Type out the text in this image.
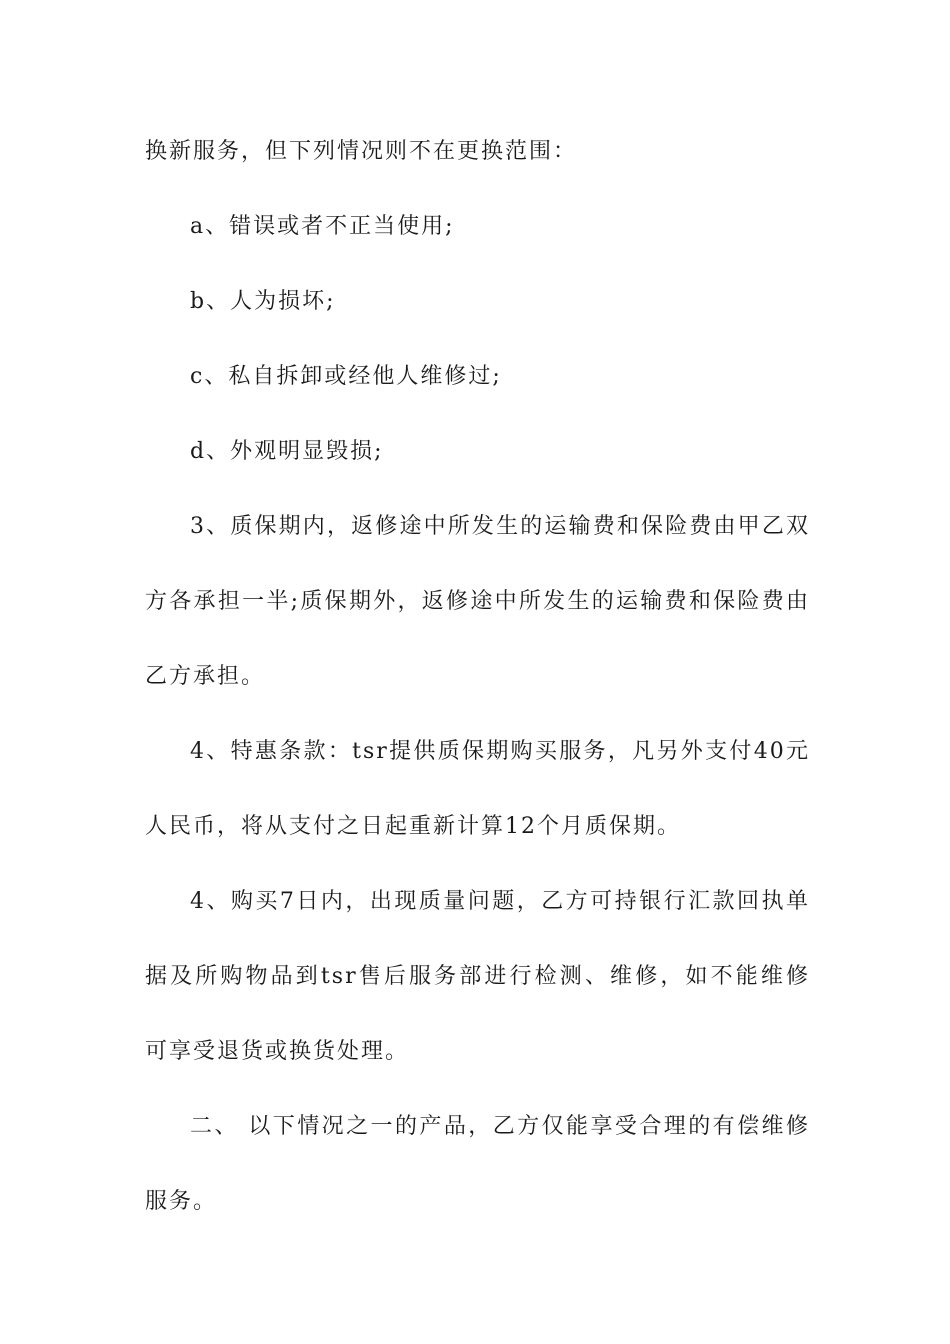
换新服务，但下列情况则不在更换范围：
a、错误或者不正当使用;
b、人为损坏;
c、私自拆卸或经他人维修过;
d、外观明显毁损;
3、质保期内，返修途中所发生的运输费和保险费由甲乙双
方各承担一半;质保期外，返修途中所发生的运输费和保险费由
乙方承担。
4、特惠条款：tsr提供质保期购买服务，凡另外支付40元
人民币，将从支付之日起重新计算12个月质保期。
4、购买7日内，出现质量问题，乙方可持银行汇款回执单
据及所购物品到tsr售后服务部进行检测、维修，如不能维修
可享受退货或换货处理。
二、 以下情况之一的产品，乙方仅能享受合理的有偿维修
服务。
